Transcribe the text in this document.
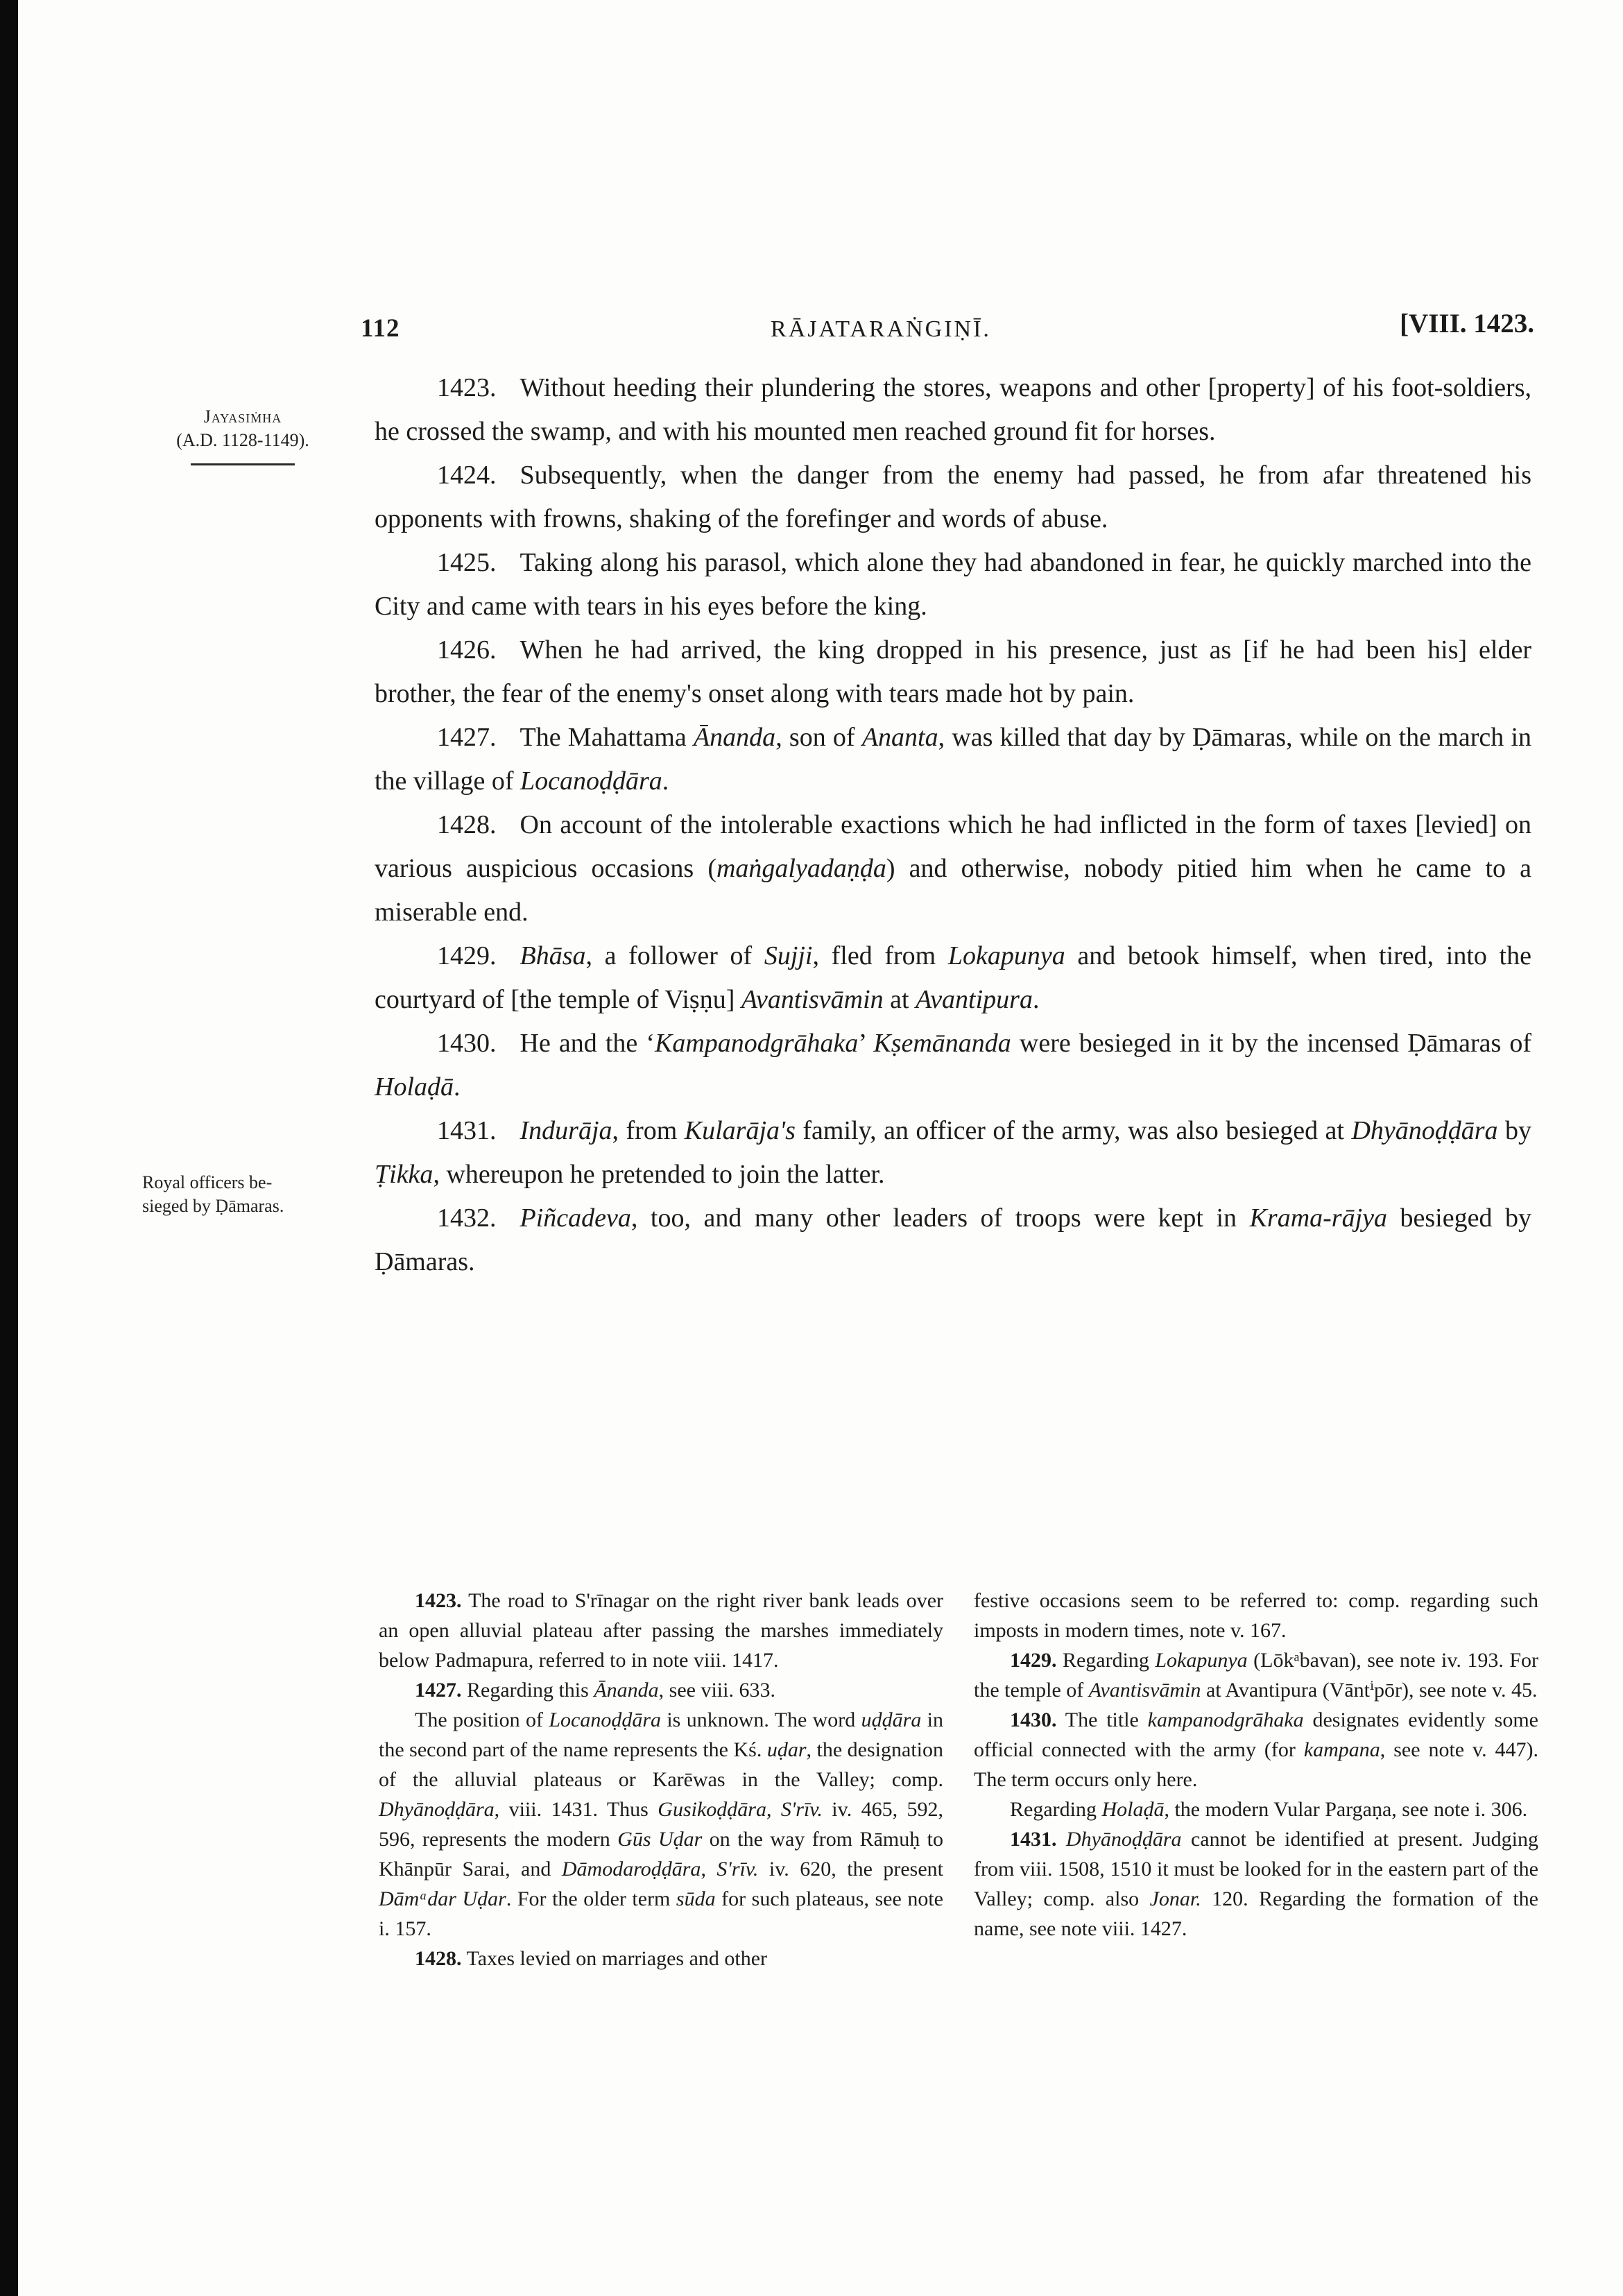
112	RĀJATARAṄGIṆĪ.	[VIII. 1423.
Jayasiṁha
(A.D. 1128-1149).
Royal officers be-
sieged by Ḍāmaras.

1423. Without heeding their plundering the stores, weapons and other [property] of his foot-soldiers, he crossed the swamp, and with his mounted men reached ground fit for horses.

1424. Subsequently, when the danger from the enemy had passed, he from afar threatened his opponents with frowns, shaking of the forefinger and words of abuse.

1425. Taking along his parasol, which alone they had abandoned in fear, he quickly marched into the City and came with tears in his eyes before the king.

1426. When he had arrived, the king dropped in his presence, just as [if he had been his] elder brother, the fear of the enemy's onset along with tears made hot by pain.

1427. The Mahattama Ānanda, son of Ananta, was killed that day by Ḍāmaras, while on the march in the village of Locanoḍḍāra.

1428. On account of the intolerable exactions which he had inflicted in the form of taxes [levied] on various auspicious occasions (maṅgalyadaṇḍa) and otherwise, nobody pitied him when he came to a miserable end.

1429. Bhāsa, a follower of Sujji, fled from Lokapunya and betook himself, when tired, into the courtyard of [the temple of Viṣṇu] Avantisvāmin at Avantipura.

1430. He and the ‘Kampanodgrāhaka’ Kṣemānanda were besieged in it by the incensed Ḍāmaras of Holaḍā.

1431. Indurāja, from Kularāja's family, an officer of the army, was also besieged at Dhyānoḍḍāra by Ṭikka, whereupon he pretended to join the latter.

1432. Piñcadeva, too, and many other leaders of troops were kept in Krama-rājya besieged by Ḍāmaras.

1423. The road to S'rīnagar on the right river bank leads over an open alluvial plateau after passing the marshes immediately below Padmapura, referred to in note viii. 1417.

1427. Regarding this Ānanda, see viii. 633.

The position of Locanoḍḍāra is unknown. The word uḍḍāra in the second part of the name represents the Kś. uḍar, the designation of the alluvial plateaus or Karēwas in the Valley; comp. Dhyānoḍḍāra, viii. 1431. Thus Gusikoḍḍāra, S'rīv. iv. 465, 592, 596, represents the modern Gūs Uḍar on the way from Rāmuḥ to Khānpūr Sarai, and Dāmodaroḍḍāra, S'rīv. iv. 620, the present Dāmᵃdar Uḍar. For the older term sūda for such plateaus, see note i. 157.

1428. Taxes levied on marriages and other

festive occasions seem to be referred to: comp. regarding such imposts in modern times, note v. 167.

1429. Regarding Lokapunya (Lōkᵃbavan), see note iv. 193. For the temple of Avantisvāmin at Avantipura (Vāntⁱpōr), see note v. 45.

1430. The title kampanodgrāhaka designates evidently some official connected with the army (for kampana, see note v. 447). The term occurs only here.

Regarding Holaḍā, the modern Vular Pargaṇa, see note i. 306.

1431. Dhyānoḍḍāra cannot be identified at present. Judging from viii. 1508, 1510 it must be looked for in the eastern part of the Valley; comp. also Jonar. 120. Regarding the formation of the name, see note viii. 1427.
